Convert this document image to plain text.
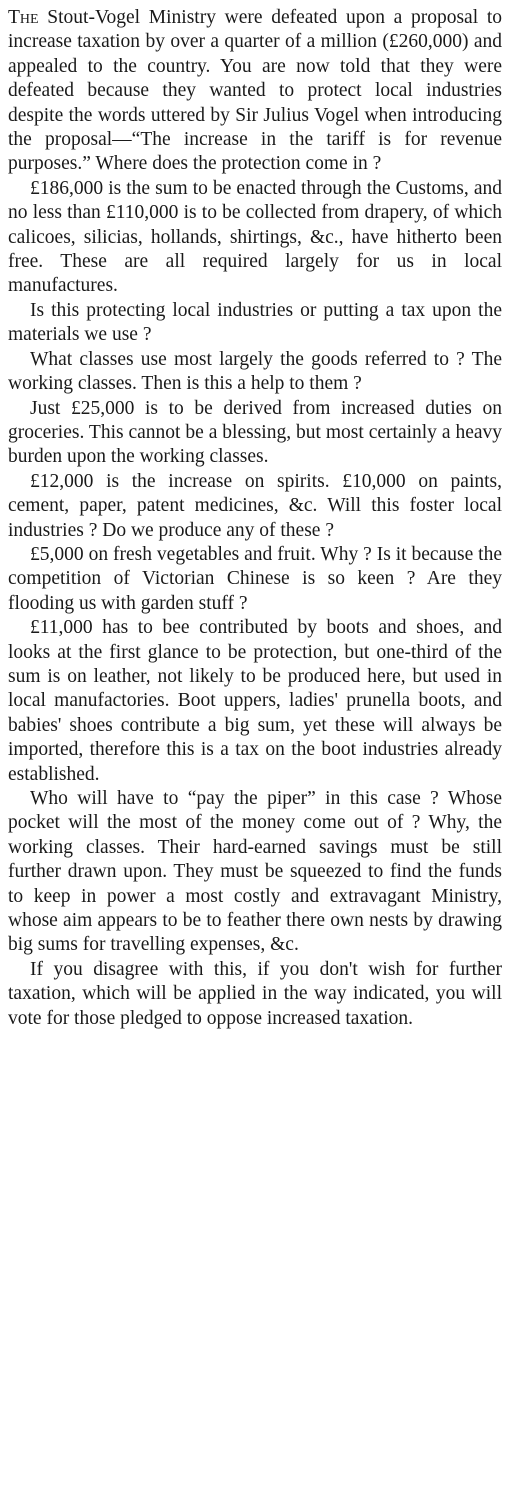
The Stout-Vogel Ministry were defeated upon a proposal to increase taxation by over a quarter of a million (£260,000) and appealed to the country. You are now told that they were defeated because they wanted to protect local industries despite the words uttered by Sir Julius Vogel when introducing the proposal—“The increase in the tariff is for revenue purposes.” Where does the protection come in ?

£186,000 is the sum to be enacted through the Customs, and no less than £110,000 is to be collected from drapery, of which calicoes, silicias, hollands, shirtings, &c., have hitherto been free. These are all required largely for us in local manufactures.

Is this protecting local industries or putting a tax upon the materials we use ?

What classes use most largely the goods referred to ? The working classes. Then is this a help to them ?

Just £25,000 is to be derived from increased duties on groceries. This cannot be a blessing, but most certainly a heavy burden upon the working classes.

£12,000 is the increase on spirits. £10,000 on paints, cement, paper, patent medicines, &c. Will this foster local industries ? Do we produce any of these ?

£5,000 on fresh vegetables and fruit. Why ? Is it because the competition of Victorian Chinese is so keen ? Are they flooding us with garden stuff ?

£11,000 has to bee contributed by boots and shoes, and looks at the first glance to be protection, but one-third of the sum is on leather, not likely to be produced here, but used in local manufactories. Boot uppers, ladies' prunella boots, and babies' shoes contribute a big sum, yet these will always be imported, therefore this is a tax on the boot industries already established.

Who will have to “pay the piper” in this case ? Whose pocket will the most of the money come out of ? Why, the working classes. Their hard-earned savings must be still further drawn upon. They must be squeezed to find the funds to keep in power a most costly and extravagant Ministry, whose aim appears to be to feather there own nests by drawing big sums for travelling expenses, &c.

If you disagree with this, if you don't wish for further taxation, which will be applied in the way indicated, you will vote for those pledged to oppose increased taxation.
